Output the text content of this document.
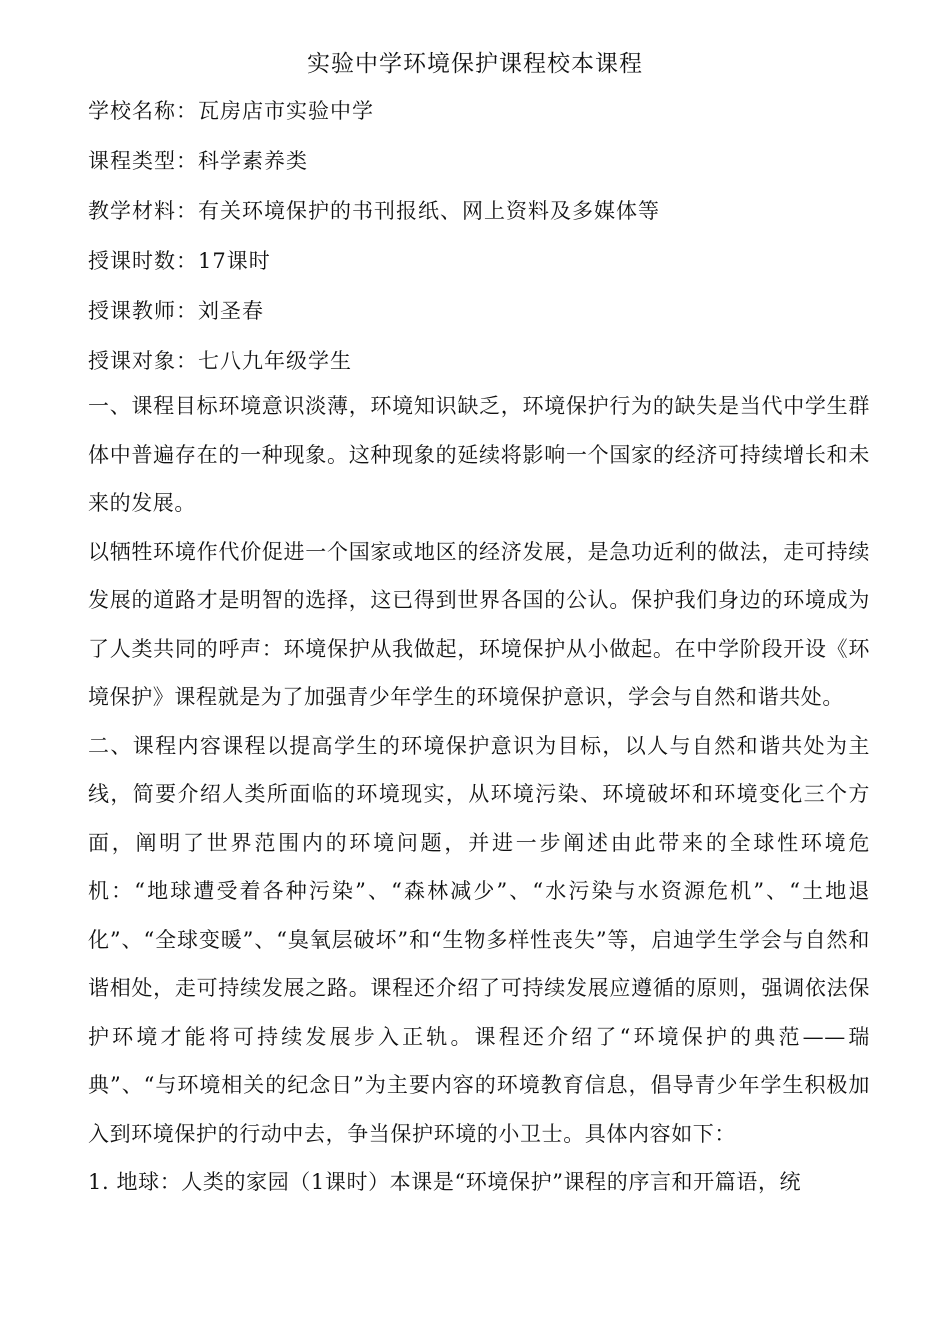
实验中学环境保护课程校本课程
学校名称：瓦房店市实验中学
课程类型：科学素养类
教学材料：有关环境保护的书刊报纸、网上资料及多媒体等
授课时数：17课时
授课教师：刘圣春
授课对象：七八九年级学生

一、课程目标环境意识淡薄，环境知识缺乏，环境保护行为的缺失是当代中学生群体中普遍存在的一种现象。这种现象的延续将影响一个国家的经济可持续增长和未来的发展。

以牺牲环境作代价促进一个国家或地区的经济发展，是急功近利的做法，走可持续发展的道路才是明智的选择，这已得到世界各国的公认。保护我们身边的环境成为了人类共同的呼声：环境保护从我做起，环境保护从小做起。在中学阶段开设《环境保护》课程就是为了加强青少年学生的环境保护意识，学会与自然和谐共处。

二、课程内容课程以提高学生的环境保护意识为目标，以人与自然和谐共处为主线，简要介绍人类所面临的环境现实，从环境污染、环境破坏和环境变化三个方面，阐明了世界范围内的环境问题，并进一步阐述由此带来的全球性环境危机：“地球遭受着各种污染”、“森林减少”、“水污染与水资源危机”、“土地退化”、“全球变暖”、“臭氧层破坏”和“生物多样性丧失”等，启迪学生学会与自然和谐相处，走可持续发展之路。课程还介绍了可持续发展应遵循的原则，强调依法保护环境才能将可持续发展步入正轨。课程还介绍了“环境保护的典范——瑞典”、“与环境相关的纪念日”为主要内容的环境教育信息，倡导青少年学生积极加入到环境保护的行动中去，争当保护环境的小卫士。具体内容如下：

1. 地球：人类的家园（1课时）本课是“环境保护”课程的序言和开篇语，统
